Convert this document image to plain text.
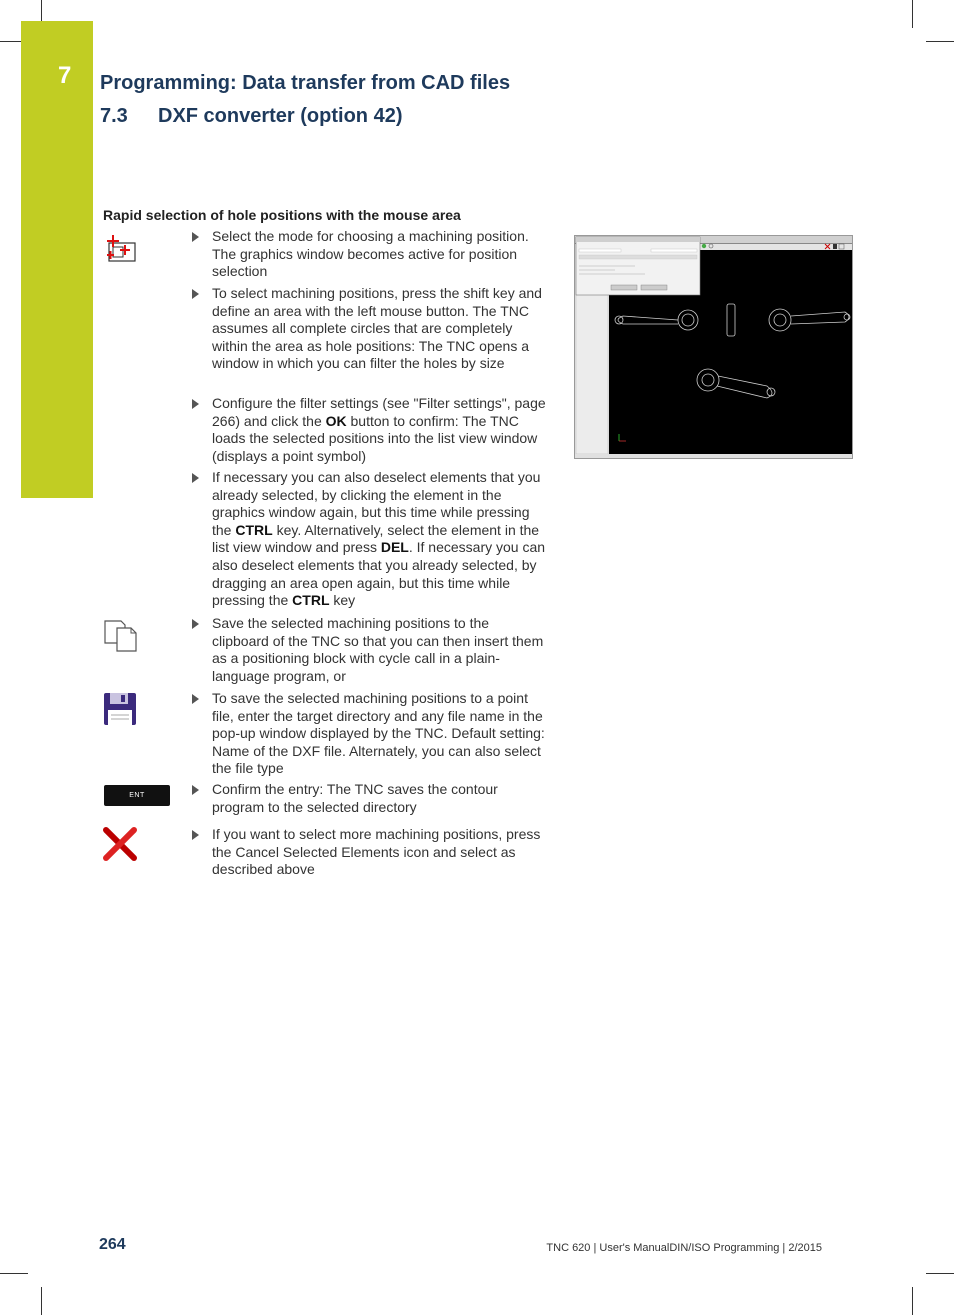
7 Programming: Data transfer from CAD files
7.3 DXF converter (option 42)
Rapid selection of hole positions with the mouse area
ENT
Select the mode for choosing a machining position. The graphics window becomes active for position selection
To select machining positions, press the shift key and define an area with the left mouse button. The TNC assumes all complete circles that are completely within the area as hole positions: The TNC opens a window in which you can filter the holes by size
Configure the filter settings (see "Filter settings", page 266) and click the OK button to confirm: The TNC loads the selected positions into the list view window (displays a point symbol)
If necessary you can also deselect elements that you already selected, by clicking the element in the graphics window again, but this time while pressing the CTRL key. Alternatively, select the element in the list view window and press DEL. If necessary you can also deselect elements that you already selected, by dragging an area open again, but this time while pressing the CTRL key
Save the selected machining positions to the clipboard of the TNC so that you can then insert them as a positioning block with cycle call in a plain-language program, or
To save the selected machining positions to a point file, enter the target directory and any file name in the pop-up window displayed by the TNC. Default setting: Name of the DXF file. Alternately, you can also select the file type
Confirm the entry: The TNC saves the contour program to the selected directory
If you want to select more machining positions, press the Cancel Selected Elements icon and select as described above
264	TNC 620 | User's ManualDIN/ISO Programming | 2/2015
